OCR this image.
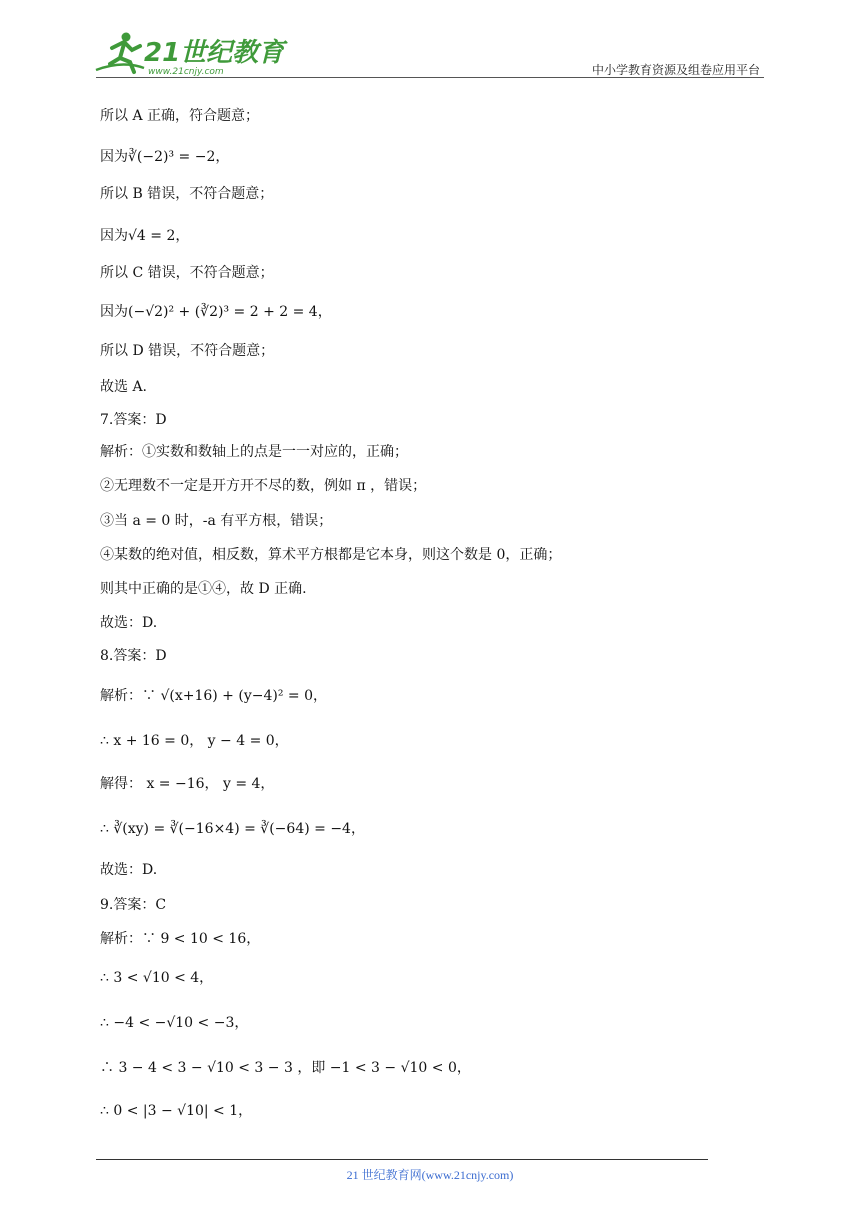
21世纪教育
www.21cnjy.com	中小学教育资源及组卷应用平台
所以 A 正确，符合题意；
因为∛(−2)³ = −2，
所以 B 错误，不符合题意；
因为√4 = 2，
所以 C 错误，不符合题意；
因为(−√2)² + (∛2)³ = 2 + 2 = 4，
所以 D 错误，不符合题意；
故选 A.
7.答案：D
解析：①实数和数轴上的点是一一对应的，正确；
②无理数不一定是开方开不尽的数，例如 π ，错误；
③当 a = 0 时，-a 有平方根，错误；
④某数的绝对值，相反数，算术平方根都是它本身，则这个数是 0，正确；
则其中正确的是①④，故 D 正确.
故选：D.
8.答案：D
解析：∵ √(x+16) + (y−4)² = 0，
∴ x + 16 = 0， y − 4 = 0，
解得： x = −16， y = 4，
∴ ∛(xy) = ∛(−16×4) = ∛(−64) = −4，
故选：D.
9.答案：C
解析：∵ 9 < 10 < 16，
∴ 3 < √10 < 4，
∴ −4 < −√10 < −3，
∴ 3 − 4 < 3 − √10 < 3 − 3 ，即 −1 < 3 − √10 < 0，
∴ 0 < |3 − √10| < 1，
21 世纪教育网(www.21cnjy.com)
